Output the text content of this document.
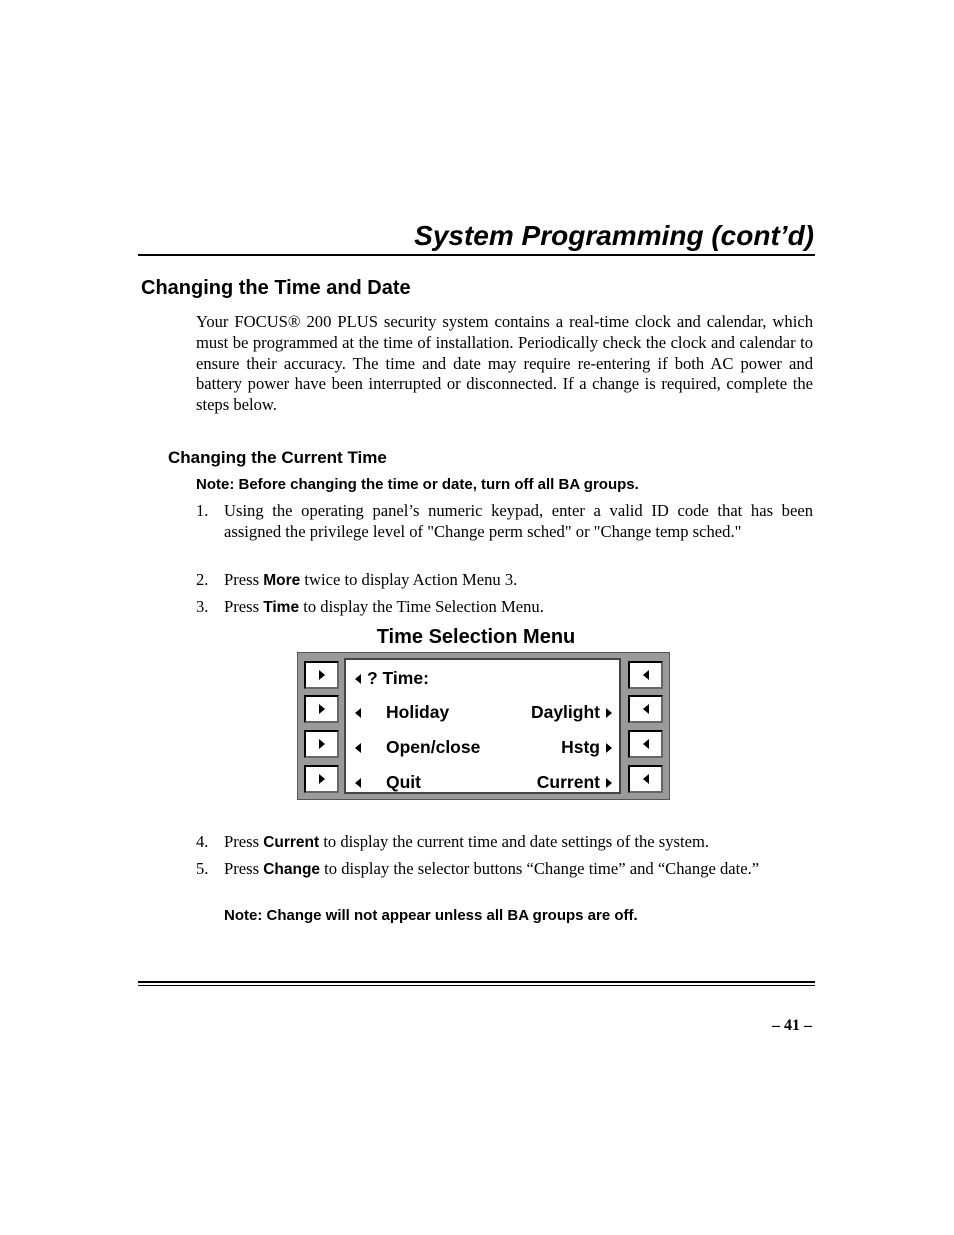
System Programming (cont’d)
Changing the Time and Date
Your FOCUS® 200 PLUS security system contains a real-time clock and calendar, which must be programmed at the time of installation. Periodically check the clock and calendar to ensure their accuracy. The time and date may require re-entering if both AC power and battery power have been interrupted or disconnected. If a change is required, complete the steps below.
Changing the Current Time
Note: Before changing the time or date, turn off all BA groups.
1. Using the operating panel’s numeric keypad, enter a valid ID code that has been assigned the privilege level of "Change perm sched" or "Change temp sched."
2. Press More twice to display Action Menu 3.
3. Press Time to display the Time Selection Menu.
Time Selection Menu
? Time:
Holiday	Daylight
Open/close	Hstg
Quit	Current
4. Press Current to display the current time and date settings of the system.
5. Press Change to display the selector buttons “Change time” and “Change date.”
Note: Change will not appear unless all BA groups are off.
– 41 –
